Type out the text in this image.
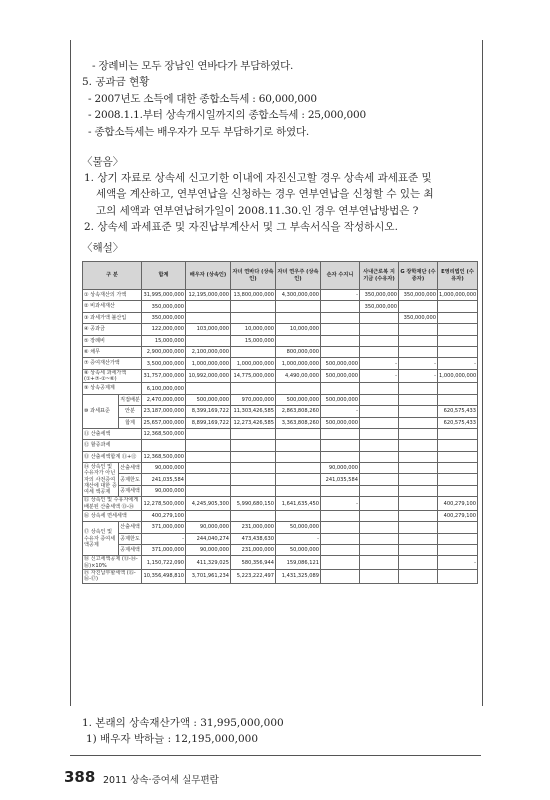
- 장례비는 모두 장남인 연바다가 부담하였다.
5. 공과금 현황
- 2007년도 소득에 대한 종합소득세 : 60,000,000
- 2008.1.1.부터 상속개시일까지의 종합소득세 : 25,000,000
- 종합소득세는 배우자가 모두 부담하기로 하였다.
〈물음〉
1. 상기 자료로 상속세 신고기한 이내에 자진신고할 경우 상속세 과세표준 및
세액을 계산하고, 연부연납을 신청하는 경우 연부연납을 신청할 수 있는 최
고의 세액과 연부연납허가일이 2008.11.30.인 경우 연부연납방법은 ?
2. 상속세 과세표준 및 자진납부계산서 및 그 부속서식을 작성하시오.
〈해설〉
구 분		합계	배우자 (상속인)	자녀 연바다 (상속인)	자녀 연우주 (상속인)	손자 수지니	사내근로복 지기금 (수유자)	G 장학재단 (수증자)	E영리법인 (수유자)
① 상속재산의 가액		31,995,000,000	12,195,000,000	13,800,000,000	4,300,000,000	-	350,000,000	350,000,000	1,000,000,000
② 비과세재산		350,000,000					350,000,000		
③ 과세가액 불산입		350,000,000						350,000,000	
④ 공과금		122,000,000	103,000,000	10,000,000	10,000,000				
⑤ 장례비		15,000,000		15,000,000					
⑥ 채무		2,900,000,000	2,100,000,000		800,000,000				
⑦ 증여재산가액		3,500,000,000	1,000,000,000	1,000,000,000	1,000,000,000	500,000,000	-	-	-
⑧ 상속세 과세가액 (①+⑦-②~⑥)		31,757,000,000	10,992,000,000	14,775,000,000	4,490,00,000	500,000,000	-	-	1,000,000,000
⑨ 상속공제계		6,100,000,000							
⑩ 과세표준	직접배분	2,470,000,000	500,000,000	970,000,000	500,000,000	500,000,000			
	안분	23,187,000,000	8,399,169,722	11,303,426,585	2,863,808,260	-			620,575,433
	합계	25,657,000,000	8,899,169,722	12,273,426,585	3,363,808,260	500,000,000			620,575,433
⑪ 산출세액		12,368,500,000							
⑫ 할증과세									
⑬ 산출세액합계 ⑪+⑫		12,368,500,000							
⑭ 상속인 및 수유자가 아닌 자의 사전증여 재산에 대한 증여세 액공제	산출세액	90,000,000				90,000,000			
	공제한도	241,035,584				241,035,584			
	공제세액	90,000,000							
⑮ 상속인 및 수유자에게 배분된 산출세액 ⑬-⑭		12,278,500,000	4,245,905,300	5,990,680,150	1,641,635,450	-			400,279,100
⑯ 상속세 면세세액		400,279,100							400,279,100
⑰ 상속인 및 수유자 증여세 액공제	산출세액	371,000,000	90,000,000	231,000,000	50,000,000				
	공제한도	-	244,040,274	473,438,630	-				
	공제세액	371,000,000	90,000,000	231,000,000	50,000,000				
⑱ 신고세액공제 (⑬-⑭-⑯)×10%		1,150,722,090	411,329,025	580,356,944	159,086,121				-
⑲ 자진납부할세액 (⑮-⑯-⑰)		10,356,498,810	3,701,961,234	5,223,222,497	1,431,325,089				
1. 본래의 상속재산가액 : 31,995,000,000
1) 배우자 박하늘 : 12,195,000,000
388 2011 상속·증여세 실무편람
